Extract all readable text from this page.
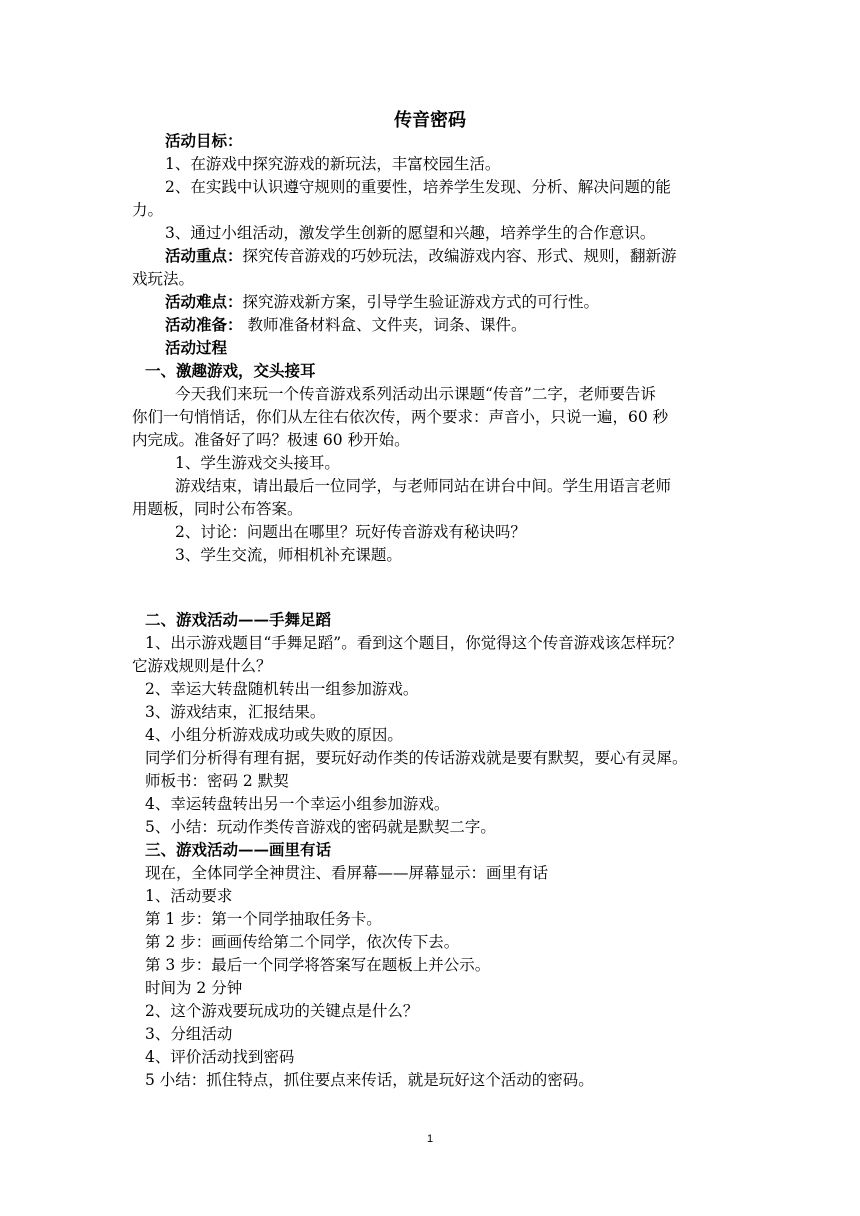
传音密码
活动目标：
1、在游戏中探究游戏的新玩法，丰富校园生活。
2、在实践中认识遵守规则的重要性，培养学生发现、分析、解决问题的能
力。
3、通过小组活动，激发学生创新的愿望和兴趣，培养学生的合作意识。
活动重点：探究传音游戏的巧妙玩法，改编游戏内容、形式、规则，翻新游
戏玩法。
活动难点：探究游戏新方案，引导学生验证游戏方式的可行性。
活动准备： 教师准备材料盒、文件夹，词条、课件。
活动过程
一、激趣游戏，交头接耳
今天我们来玩一个传音游戏系列活动出示课题“传音”二字，老师要告诉
你们一句悄悄话，你们从左往右依次传，两个要求：声音小，只说一遍，60 秒
内完成。准备好了吗？极速 60 秒开始。
1、学生游戏交头接耳。
游戏结束，请出最后一位同学，与老师同站在讲台中间。学生用语言老师
用题板，同时公布答案。
2、讨论：问题出在哪里？玩好传音游戏有秘诀吗？
3、学生交流，师相机补充课题。
二、游戏活动——手舞足蹈
1、出示游戏题目“手舞足蹈”。看到这个题目，你觉得这个传音游戏该怎样玩？
它游戏规则是什么？
2、幸运大转盘随机转出一组参加游戏。
3、游戏结束，汇报结果。
4、小组分析游戏成功或失败的原因。
同学们分析得有理有据，要玩好动作类的传话游戏就是要有默契，要心有灵犀。
师板书：密码 2 默契
4、幸运转盘转出另一个幸运小组参加游戏。
5、小结：玩动作类传音游戏的密码就是默契二字。
三、游戏活动——画里有话
现在，全体同学全神贯注、看屏幕——屏幕显示：画里有话
1、活动要求
第 1 步：第一个同学抽取任务卡。
第 2 步：画画传给第二个同学，依次传下去。
第 3 步：最后一个同学将答案写在题板上并公示。
时间为 2 分钟
2、这个游戏要玩成功的关键点是什么？
3、分组活动
4、评价活动找到密码
5 小结：抓住特点，抓住要点来传话，就是玩好这个活动的密码。
1
